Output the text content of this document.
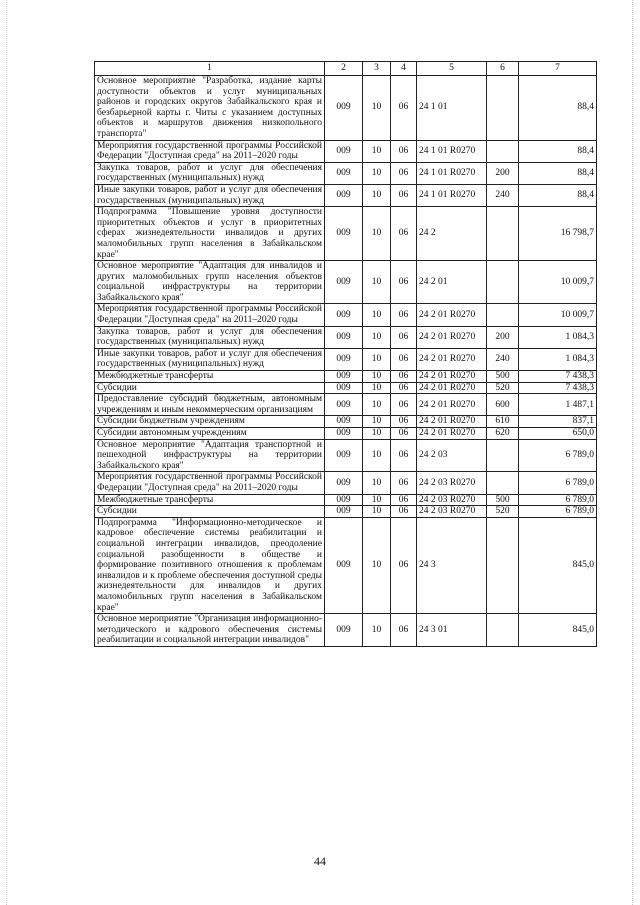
1	2	3	4	5	6	7
Основное мероприятие "Разработка, издание карты доступности объектов и услуг муниципальных районов и городских округов Забайкальского края и безбарьерной карты г. Читы с указанием доступных объектов и маршрутов движения низкопольного транспорта"	009	10	06	24 1 01		88,4
Мероприятия государственной программы Российской Федерации "Доступная среда" на 2011–2020 годы	009	10	06	24 1 01 R0270		88,4
Закупка товаров, работ и услуг для обеспечения государственных (муниципальных) нужд	009	10	06	24 1 01 R0270	200	88,4
Иные закупки товаров, работ и услуг для обеспечения государственных (муниципальных) нужд	009	10	06	24 1 01 R0270	240	88,4
Подпрограмма "Повышение уровня доступности приоритетных объектов и услуг в приоритетных сферах жизнедеятельности инвалидов и других маломобильных групп населения в Забайкальском крае"	009	10	06	24 2		16 798,7
Основное мероприятие "Адаптация для инвалидов и других маломобильных групп населения объектов социальной инфраструктуры на территории Забайкальского края"	009	10	06	24 2 01		10 009,7
Мероприятия государственной программы Российской Федерации "Доступная среда" на 2011–2020 годы	009	10	06	24 2 01 R0270		10 009,7
Закупка товаров, работ и услуг для обеспечения государственных (муниципальных) нужд	009	10	06	24 2 01 R0270	200	1 084,3
Иные закупки товаров, работ и услуг для обеспечения государственных (муниципальных) нужд	009	10	06	24 2 01 R0270	240	1 084,3
Межбюджетные трансферты	009	10	06	24 2 01 R0270	500	7 438,3
Субсидии	009	10	06	24 2 01 R0270	520	7 438,3
Предоставление субсидий бюджетным, автономным учреждениям и иным некоммерческим организациям	009	10	06	24 2 01 R0270	600	1 487,1
Субсидии бюджетным учреждениям	009	10	06	24 2 01 R0270	610	837,1
Субсидии автономным учреждениям	009	10	06	24 2 01 R0270	620	650,0
Основное мероприятие "Адаптация транспортной и пешеходной инфраструктуры на территории Забайкальского края"	009	10	06	24 2 03		6 789,0
Мероприятия государственной программы Российской Федерации "Доступная среда" на 2011–2020 годы	009	10	06	24 2 03 R0270		6 789,0
Межбюджетные трансферты	009	10	06	24 2 03 R0270	500	6 789,0
Субсидии	009	10	06	24 2 03 R0270	520	6 789,0
Подпрограмма "Информационно-методическое и кадровое обеспечение системы реабилитации и социальной интеграции инвалидов, преодоление социальной разобщенности в обществе и формирование позитивного отношения к проблемам инвалидов и к проблеме обеспечения доступной среды жизнедеятельности для инвалидов и других маломобильных групп населения в Забайкальском крае"	009	10	06	24 3		845,0
Основное мероприятие "Организация информационно-методического и кадрового обеспечения системы реабилитации и социальной интеграции инвалидов"	009	10	06	24 3 01		845,0
44
